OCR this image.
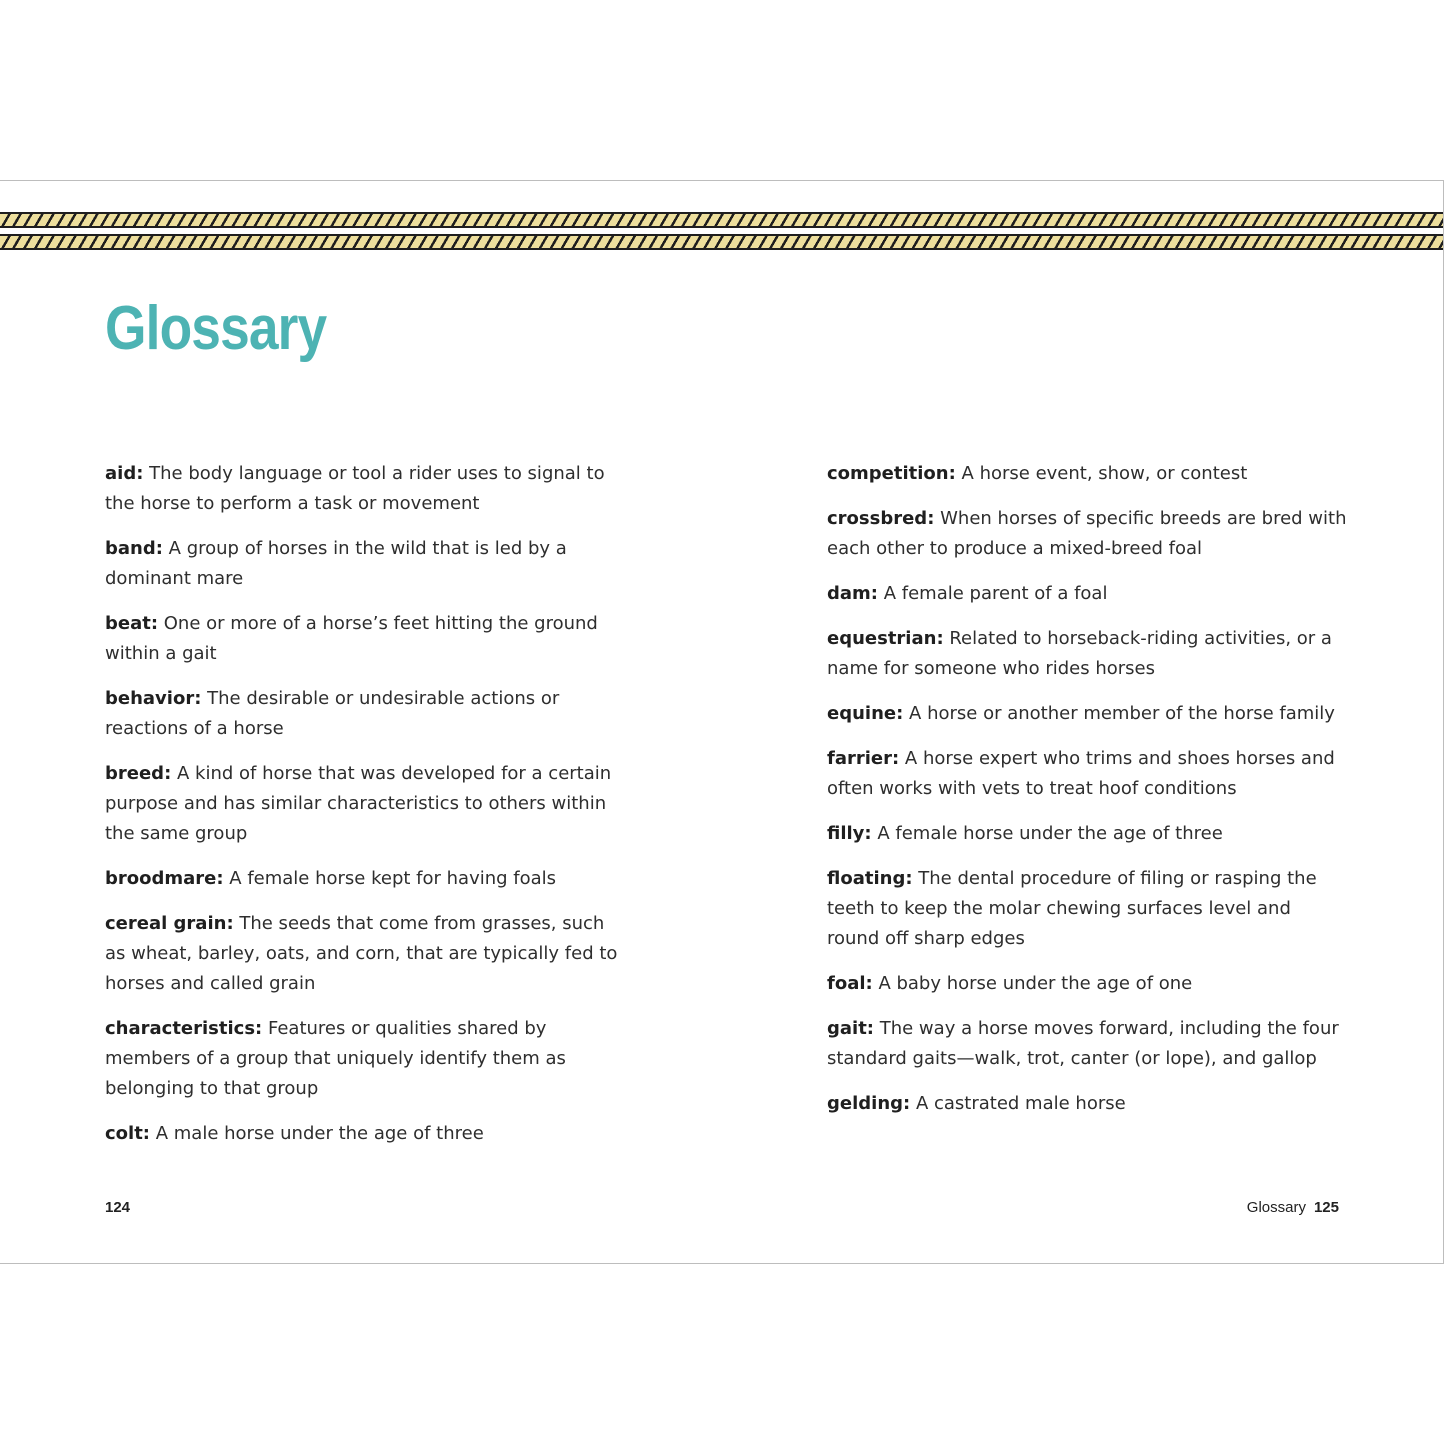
Glossary

aid: The body language or tool a rider uses to signal to the horse to perform a task or movement

band: A group of horses in the wild that is led by a dominant mare

beat: One or more of a horse’s feet hitting the ground within a gait

behavior: The desirable or undesirable actions or reactions of a horse

breed: A kind of horse that was developed for a certain purpose and has similar characteristics to others within the same group

broodmare: A female horse kept for having foals

cereal grain: The seeds that come from grasses, such as wheat, barley, oats, and corn, that are typically fed to horses and called grain

characteristics: Features or qualities shared by members of a group that uniquely identify them as belonging to that group

colt: A male horse under the age of three

competition: A horse event, show, or contest

crossbred: When horses of specific breeds are bred with each other to produce a mixed-breed foal

dam: A female parent of a foal

equestrian: Related to horseback-riding activities, or a name for someone who rides horses

equine: A horse or another member of the horse family

farrier: A horse expert who trims and shoes horses and often works with vets to treat hoof conditions

filly: A female horse under the age of three

floating: The dental procedure of filing or rasping the teeth to keep the molar chewing surfaces level and round off sharp edges

foal: A baby horse under the age of one

gait: The way a horse moves forward, including the four standard gaits—walk, trot, canter (or lope), and gallop

gelding: A castrated male horse

124	Glossary 125
